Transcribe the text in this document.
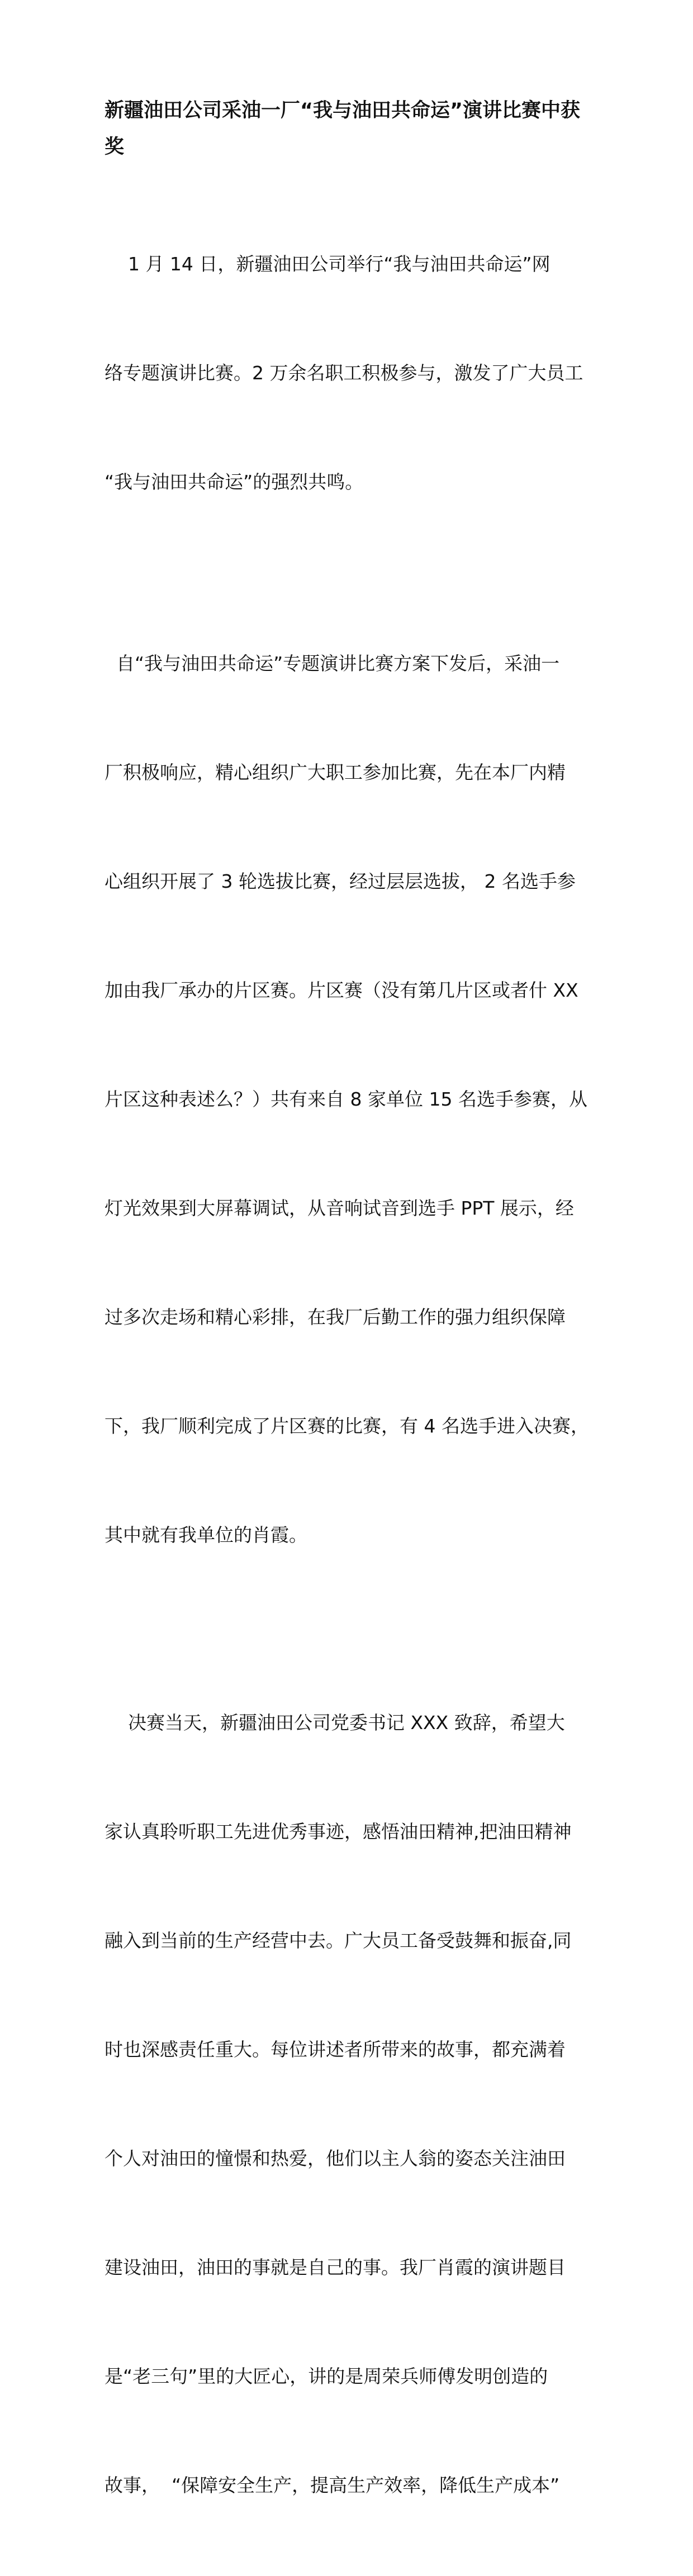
新疆油田公司采油一厂“我与油田共命运”演讲比赛中获
奖

1 月 14 日，新疆油田公司举行“我与油田共命运”网

络专题演讲比赛。2 万余名职工积极参与，激发了广大员工

“我与油田共命运”的强烈共鸣。

自“我与油田共命运”专题演讲比赛方案下发后，采油一

厂积极响应，精心组织广大职工参加比赛，先在本厂内精

心组织开展了 3 轮选拔比赛，经过层层选拔， 2 名选手参

加由我厂承办的片区赛。片区赛（没有第几片区或者什 XX

片区这种表述么？）共有来自 8 家单位 15 名选手参赛，从

灯光效果到大屏幕调试，从音响试音到选手 PPT 展示，经

过多次走场和精心彩排，在我厂后勤工作的强力组织保障

下，我厂顺利完成了片区赛的比赛，有 4 名选手进入决赛，

其中就有我单位的肖霞。

决赛当天，新疆油田公司党委书记 XXX 致辞，希望大

家认真聆听职工先进优秀事迹，感悟油田精神,把油田精神

融入到当前的生产经营中去。广大员工备受鼓舞和振奋,同

时也深感责任重大。每位讲述者所带来的故事，都充满着

个人对油田的憧憬和热爱，他们以主人翁的姿态关注油田

建设油田，油田的事就是自己的事。我厂肖霞的演讲题目

是“老三句”里的大匠心，讲的是周荣兵师傅发明创造的

故事，  “保障安全生产，提高生产效率，降低生产成本”
